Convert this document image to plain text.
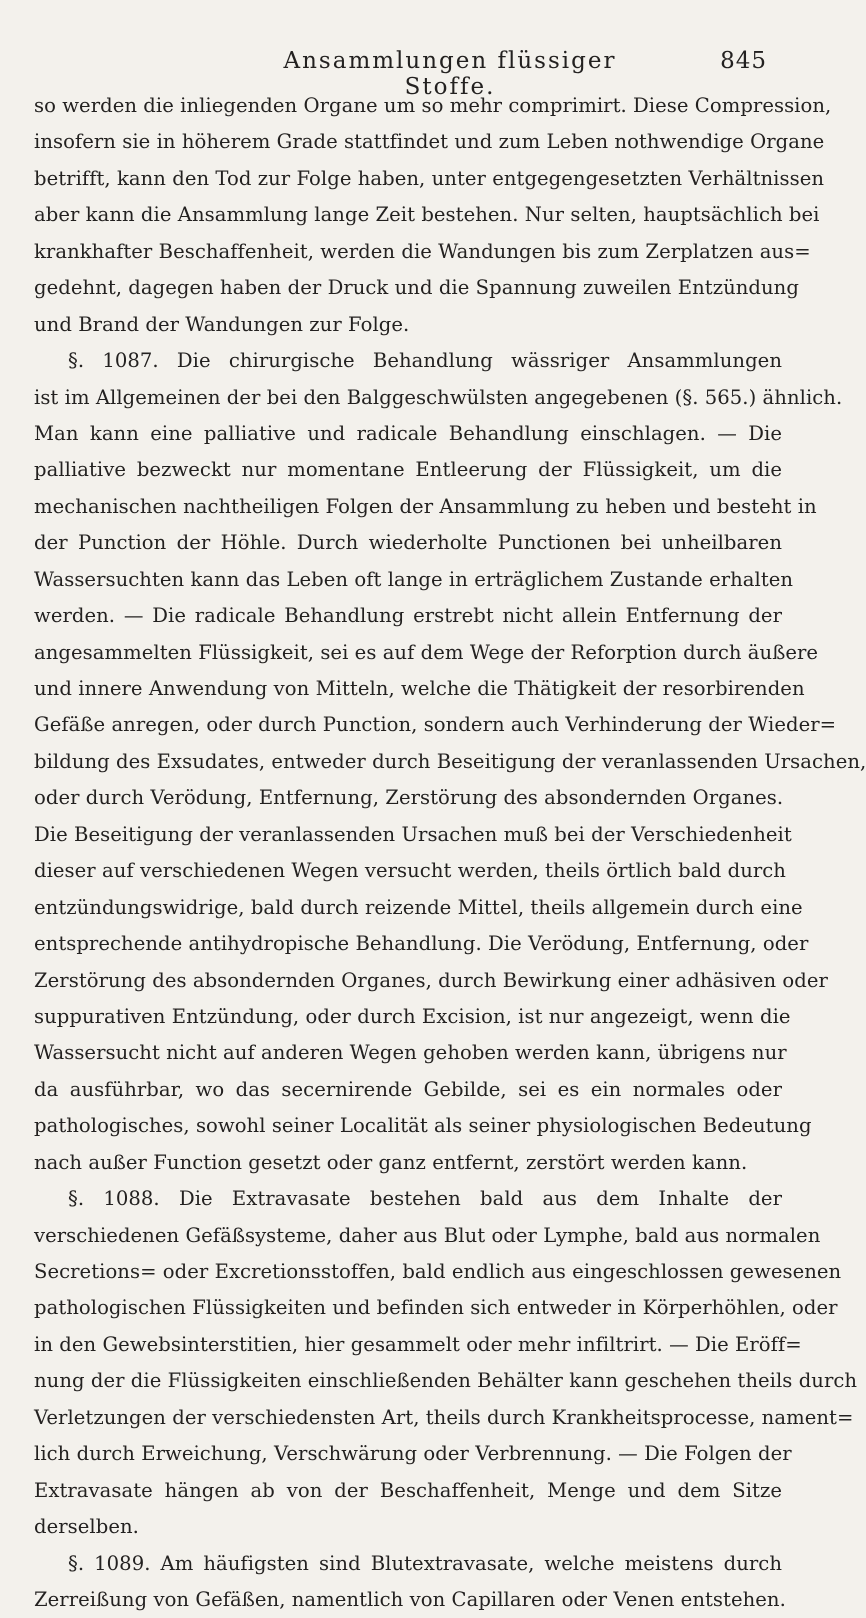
Ansammlungen flüssiger Stoffe.
845
so werden die inliegenden Organe um so mehr comprimirt. Diese Compression,
insofern sie in höherem Grade stattfindet und zum Leben nothwendige Organe
betrifft, kann den Tod zur Folge haben, unter entgegengesetzten Verhältnissen
aber kann die Ansammlung lange Zeit bestehen. Nur selten, hauptsächlich bei
krankhafter Beschaffenheit, werden die Wandungen bis zum Zerplatzen aus=
gedehnt, dagegen haben der Druck und die Spannung zuweilen Entzündung
und Brand der Wandungen zur Folge.
§. 1087. Die chirurgische Behandlung wässriger Ansammlungen
ist im Allgemeinen der bei den Balggeschwülsten angegebenen (§. 565.) ähnlich.
Man kann eine palliative und radicale Behandlung einschlagen. — Die
palliative bezweckt nur momentane Entleerung der Flüssigkeit, um die
mechanischen nachtheiligen Folgen der Ansammlung zu heben und besteht in
der Punction der Höhle. Durch wiederholte Punctionen bei unheilbaren
Wassersuchten kann das Leben oft lange in erträglichem Zustande erhalten
werden. — Die radicale Behandlung erstrebt nicht allein Entfernung der
angesammelten Flüssigkeit, sei es auf dem Wege der Reforption durch äußere
und innere Anwendung von Mitteln, welche die Thätigkeit der resorbirenden
Gefäße anregen, oder durch Punction, sondern auch Verhinderung der Wieder=
bildung des Exsudates, entweder durch Beseitigung der veranlassenden Ursachen,
oder durch Verödung, Entfernung, Zerstörung des absondernden Organes.
Die Beseitigung der veranlassenden Ursachen muß bei der Verschiedenheit
dieser auf verschiedenen Wegen versucht werden, theils örtlich bald durch
entzündungswidrige, bald durch reizende Mittel, theils allgemein durch eine
entsprechende antihydropische Behandlung. Die Verödung, Entfernung, oder
Zerstörung des absondernden Organes, durch Bewirkung einer adhäsiven oder
suppurativen Entzündung, oder durch Excision, ist nur angezeigt, wenn die
Wassersucht nicht auf anderen Wegen gehoben werden kann, übrigens nur
da ausführbar, wo das secernirende Gebilde, sei es ein normales oder
pathologisches, sowohl seiner Localität als seiner physiologischen Bedeutung
nach außer Function gesetzt oder ganz entfernt, zerstört werden kann.
§. 1088. Die Extravasate bestehen bald aus dem Inhalte der
verschiedenen Gefäßsysteme, daher aus Blut oder Lymphe, bald aus normalen
Secretions= oder Excretionsstoffen, bald endlich aus eingeschlossen gewesenen
pathologischen Flüssigkeiten und befinden sich entweder in Körperhöhlen, oder
in den Gewebsinterstitien, hier gesammelt oder mehr infiltrirt. — Die Eröff=
nung der die Flüssigkeiten einschließenden Behälter kann geschehen theils durch
Verletzungen der verschiedensten Art, theils durch Krankheitsprocesse, nament=
lich durch Erweichung, Verschwärung oder Verbrennung. — Die Folgen der
Extravasate hängen ab von der Beschaffenheit, Menge und dem Sitze
derselben.
§. 1089. Am häufigsten sind Blutextravasate, welche meistens durch
Zerreißung von Gefäßen, namentlich von Capillaren oder Venen entstehen.
